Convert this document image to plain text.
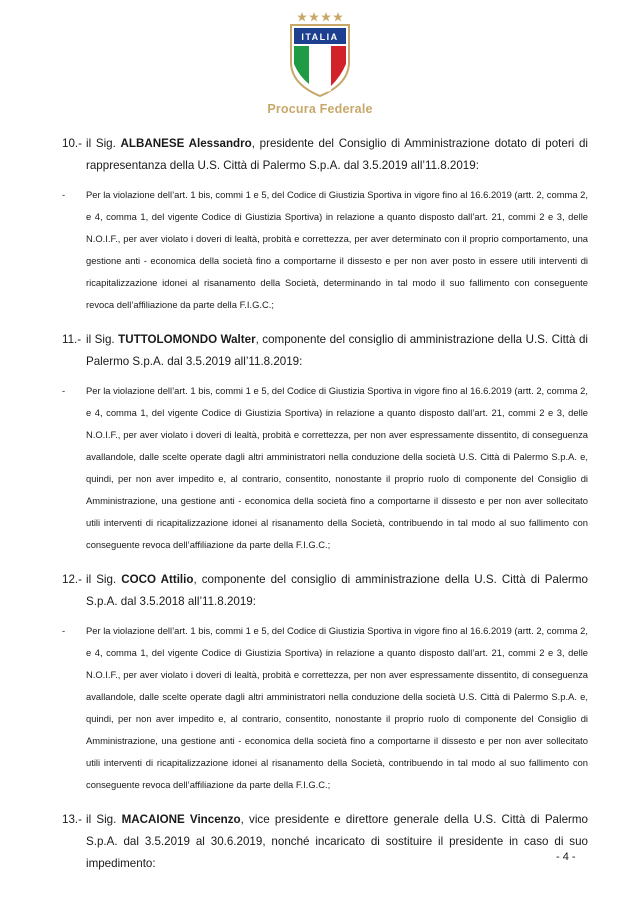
ITALIA
Procura Federale
10.- il Sig. ALBANESE Alessandro, presidente del Consiglio di Amministrazione dotato di poteri di rappresentanza della U.S. Città di Palermo S.p.A. dal 3.5.2019 all’11.8.2019:
-	Per la violazione dell’art. 1 bis, commi 1 e 5, del Codice di Giustizia Sportiva in vigore fino al 16.6.2019 (artt. 2, comma 2, e 4, comma 1, del vigente Codice di Giustizia Sportiva) in relazione a quanto disposto dall’art. 21, commi 2 e 3, delle N.O.I.F., per aver violato i doveri di lealtà, probità e correttezza, per aver determinato con il proprio comportamento, una gestione anti - economica della società fino a comportarne il dissesto e per non aver posto in essere utili interventi di ricapitalizzazione idonei al risanamento della Società, determinando in tal modo il suo fallimento con conseguente revoca dell’affiliazione da parte della F.I.G.C.;
11.- il Sig. TUTTOLOMONDO Walter, componente del consiglio di amministrazione della U.S. Città di Palermo S.p.A. dal 3.5.2019 all’11.8.2019:
-	Per la violazione dell’art. 1 bis, commi 1 e 5, del Codice di Giustizia Sportiva in vigore fino al 16.6.2019 (artt. 2, comma 2, e 4, comma 1, del vigente Codice di Giustizia Sportiva) in relazione a quanto disposto dall’art. 21, commi 2 e 3, delle N.O.I.F., per aver violato i doveri di lealtà, probità e correttezza, per non aver espressamente dissentito, di conseguenza avallandole, dalle scelte operate dagli altri amministratori nella conduzione della società U.S. Città di Palermo S.p.A. e, quindi, per non aver impedito e, al contrario, consentito, nonostante il proprio ruolo di componente del Consiglio di Amministrazione, una gestione anti - economica della società fino a comportarne il dissesto e per non aver sollecitato utili interventi di ricapitalizzazione idonei al risanamento della Società, contribuendo in tal modo al suo fallimento con conseguente revoca dell’affiliazione da parte della F.I.G.C.;
12.- il Sig. COCO Attilio, componente del consiglio di amministrazione della U.S. Città di Palermo S.p.A. dal 3.5.2018 all’11.8.2019:
-	Per la violazione dell’art. 1 bis, commi 1 e 5, del Codice di Giustizia Sportiva in vigore fino al 16.6.2019 (artt. 2, comma 2, e 4, comma 1, del vigente Codice di Giustizia Sportiva) in relazione a quanto disposto dall’art. 21, commi 2 e 3, delle N.O.I.F., per aver violato i doveri di lealtà, probità e correttezza, per non aver espressamente dissentito, di conseguenza avallandole, dalle scelte operate dagli altri amministratori nella conduzione della società U.S. Città di Palermo S.p.A. e, quindi, per non aver impedito e, al contrario, consentito, nonostante il proprio ruolo di componente del Consiglio di Amministrazione, una gestione anti - economica della società fino a comportarne il dissesto e per non aver sollecitato utili interventi di ricapitalizzazione idonei al risanamento della Società, contribuendo in tal modo al suo fallimento con conseguente revoca dell’affiliazione da parte della F.I.G.C.;
13.- il Sig. MACAIONE Vincenzo, vice presidente e direttore generale della U.S. Città di Palermo S.p.A. dal 3.5.2019 al 30.6.2019, nonché incaricato di sostituire il presidente in caso di suo impedimento:	- 4 -
